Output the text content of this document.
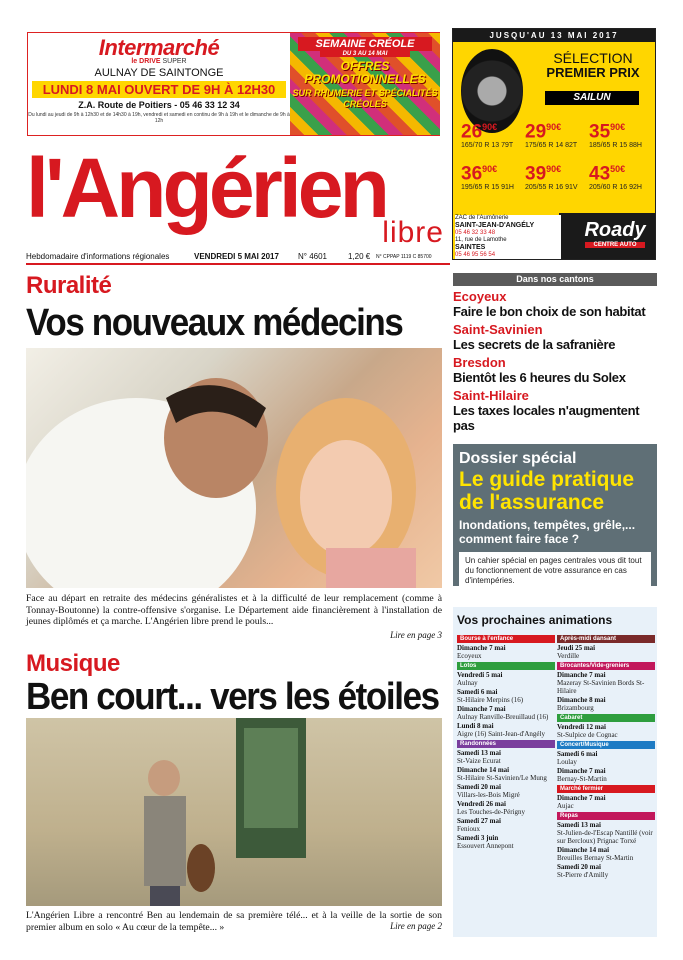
Intermarché
le DRIVE SUPER
AULNAY DE SAINTONGE
LUNDI 8 MAI OUVERT DE 9H À 12H30
Z.A. Route de Poitiers - 05 46 33 12 34
Du lundi au jeudi de 9h à 12h30 et de 14h30 à 19h, vendredi et samedi en continu de 9h à 19h et le dimanche de 9h à 12h
SEMAINE CRÉOLE
DU 3 AU 14 MAI
OFFRES PROMOTIONNELLES
SUR RHUMERIE ET SPÉCIALITÉS CRÉOLES
JUSQU'AU 13 MAI 2017
SÉLECTION
PREMIER PRIX
SAILUN
$26^{90€}$
165/70 R 13 79T
$29^{90€}$
175/65 R 14 82T
$35^{90€}$
185/65 R 15 88H
$36^{90€}$
195/65 R 15 91H
$39^{90€}$
205/55 R 16 91V
$43^{50€}$
205/60 R 16 92H
ZAC de l'Aumônerie
SAINT-JEAN-D'ANGÉLY
05 46 32 33 48
11, rue de Lamothe
SAINTES
05 46 95 56 54
Roady
CENTRE AUTO
l'Angérien
libre
Hebdomadaire d'informations régionales	VENDREDI 5 MAI 2017 N° 4601	1,20 € N° CPPAP 1119 C 85700
Ruralité
Vos nouveaux médecins
Face au départ en retraite des médecins généralistes et à la difficulté de leur remplacement (comme à Tonnay-Boutonne) la contre-offensive s'organise. Le Département aide financièrement à l'installation de jeunes diplômés et ça marche. L'Angérien libre prend le pouls...
Lire en page 3
Musique
Ben court... vers les étoiles
L'Angérien Libre a rencontré Ben au lendemain de sa première télé... et à la veille de la sortie de son premier album en solo « Au cœur de la tempête... »	Lire en page 2
Dans nos cantons
Ecoyeux
Faire le bon choix de son habitat
Saint-Savinien
Les secrets de la safranière
Bresdon
Bientôt les 6 heures du Solex
Saint-Hilaire
Les taxes locales n'augmentent pas
Dossier spécial
Le guide pratique de l'assurance
Inondations, tempêtes, grêle,... comment faire face ?
Un cahier spécial en pages centrales vous dit tout du fonctionnement de votre assurance en cas d'intempéries.
Vos prochaines animations
Bourse à l'enfance
Dimanche 7 mai
Ecoyeux
Lotos
Vendredi 5 mai
Aulnay
Samedi 6 mai
St-Hilaire Merpins (16)
Dimanche 7 mai
Aulnay Ranville-Breuillaud (16)
Lundi 8 mai
Aigre (16) Saint-Jean-d'Angély
Randonnées
Samedi 13 mai
St-Vaize Ecurat
Dimanche 14 mai
St-Hilaire St-Savinien/Le Mung
Samedi 20 mai
Villars-les-Bois Migré
Vendredi 26 mai
Les Touches-de-Périgny
Samedi 27 mai
Fenioux
Samedi 3 juin
Essouvert Annepont
Après-midi dansant
Jeudi 25 mai
Verdille
Brocantes/Vide-greniers
Dimanche 7 mai
Mazeray St-Savinien Bords St-Hilaire
Dimanche 8 mai
Brizambourg
Cabaret
Vendredi 12 mai
St-Sulpice de Cognac
Concert/Musique
Samedi 6 mai
Loulay
Dimanche 7 mai
Bernay-St-Martin
Marché fermier
Dimanche 7 mai
Aujac
Repas
Samedi 13 mai
St-Julien-de-l'Escap Nantillé (voir sur Bercloux) Prignac Torxé
Dimanche 14 mai
Breuilles Bernay St-Martin
Samedi 20 mai
St-Pierre d'Amilly
